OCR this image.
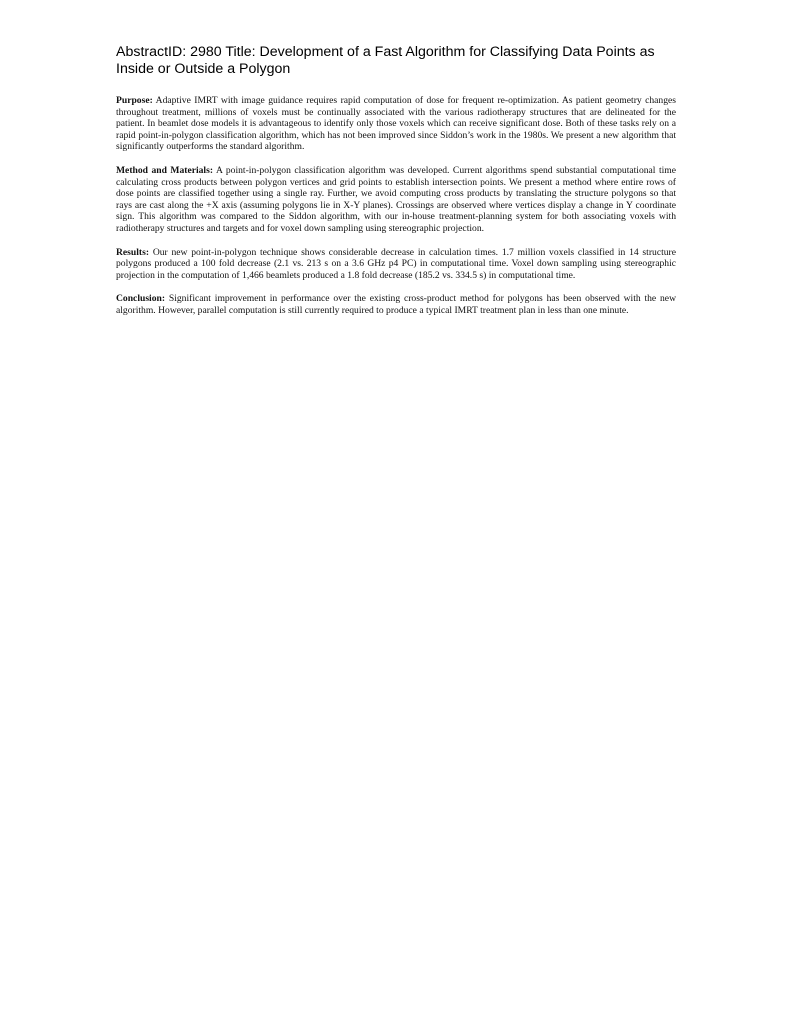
AbstractID: 2980 Title: Development of a Fast Algorithm for Classifying Data Points as Inside or Outside a Polygon

Purpose: Adaptive IMRT with image guidance requires rapid computation of dose for frequent re-optimization. As patient geometry changes throughout treatment, millions of voxels must be continually associated with the various radiotherapy structures that are delineated for the patient. In beamlet dose models it is advantageous to identify only those voxels which can receive significant dose. Both of these tasks rely on a rapid point-in-polygon classification algorithm, which has not been improved since Siddon’s work in the 1980s. We present a new algorithm that significantly outperforms the standard algorithm.

Method and Materials: A point-in-polygon classification algorithm was developed. Current algorithms spend substantial computational time calculating cross products between polygon vertices and grid points to establish intersection points. We present a method where entire rows of dose points are classified together using a single ray. Further, we avoid computing cross products by translating the structure polygons so that rays are cast along the +X axis (assuming polygons lie in X-Y planes). Crossings are observed where vertices display a change in Y coordinate sign. This algorithm was compared to the Siddon algorithm, with our in-house treatment-planning system for both associating voxels with radiotherapy structures and targets and for voxel down sampling using stereographic projection.

Results: Our new point-in-polygon technique shows considerable decrease in calculation times. 1.7 million voxels classified in 14 structure polygons produced a 100 fold decrease (2.1 vs. 213 s on a 3.6 GHz p4 PC) in computational time. Voxel down sampling using stereographic projection in the computation of 1,466 beamlets produced a 1.8 fold decrease (185.2 vs. 334.5 s) in computational time.

Conclusion: Significant improvement in performance over the existing cross-product method for polygons has been observed with the new algorithm. However, parallel computation is still currently required to produce a typical IMRT treatment plan in less than one minute.
